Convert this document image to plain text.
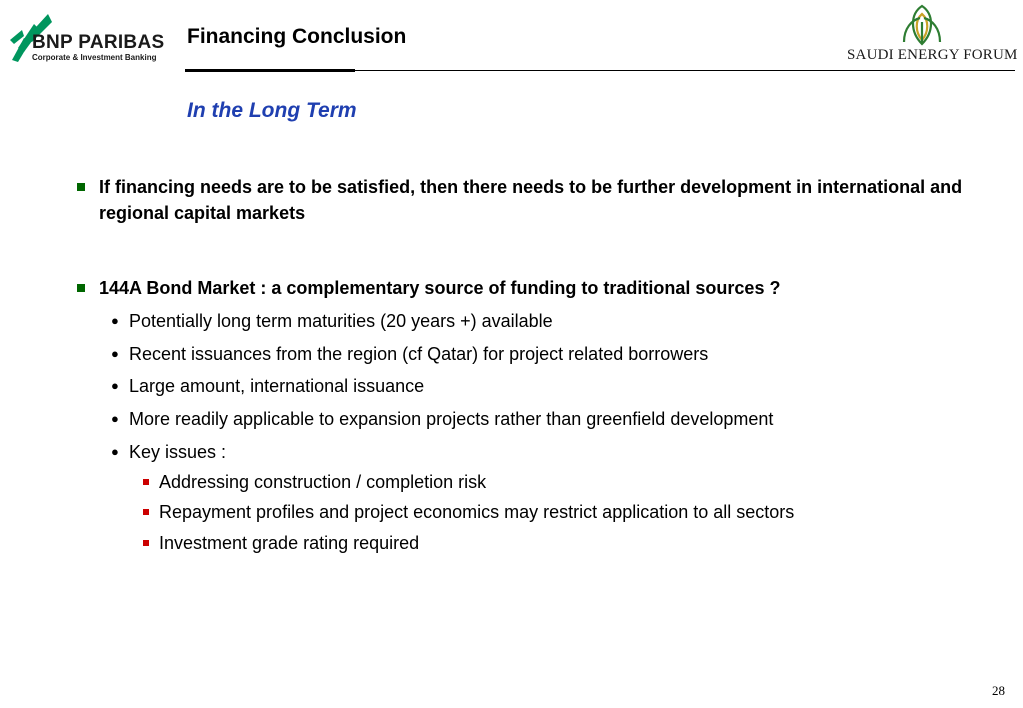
BNP PARIBAS
Corporate & Investment Banking
Financing Conclusion
SAUDI ENERGY FORUM
In the Long Term
If financing needs are to be satisfied, then there needs to be further development in international and regional capital markets
144A Bond Market : a complementary source of funding to traditional sources ?
● Potentially long term maturities (20 years +) available
● Recent issuances from the region (cf Qatar) for project related borrowers
● Large amount, international issuance
● More readily applicable to expansion projects rather than greenfield development
● Key issues :
Addressing construction / completion risk
Repayment profiles and project economics may restrict application to all sectors
Investment grade rating required
28
